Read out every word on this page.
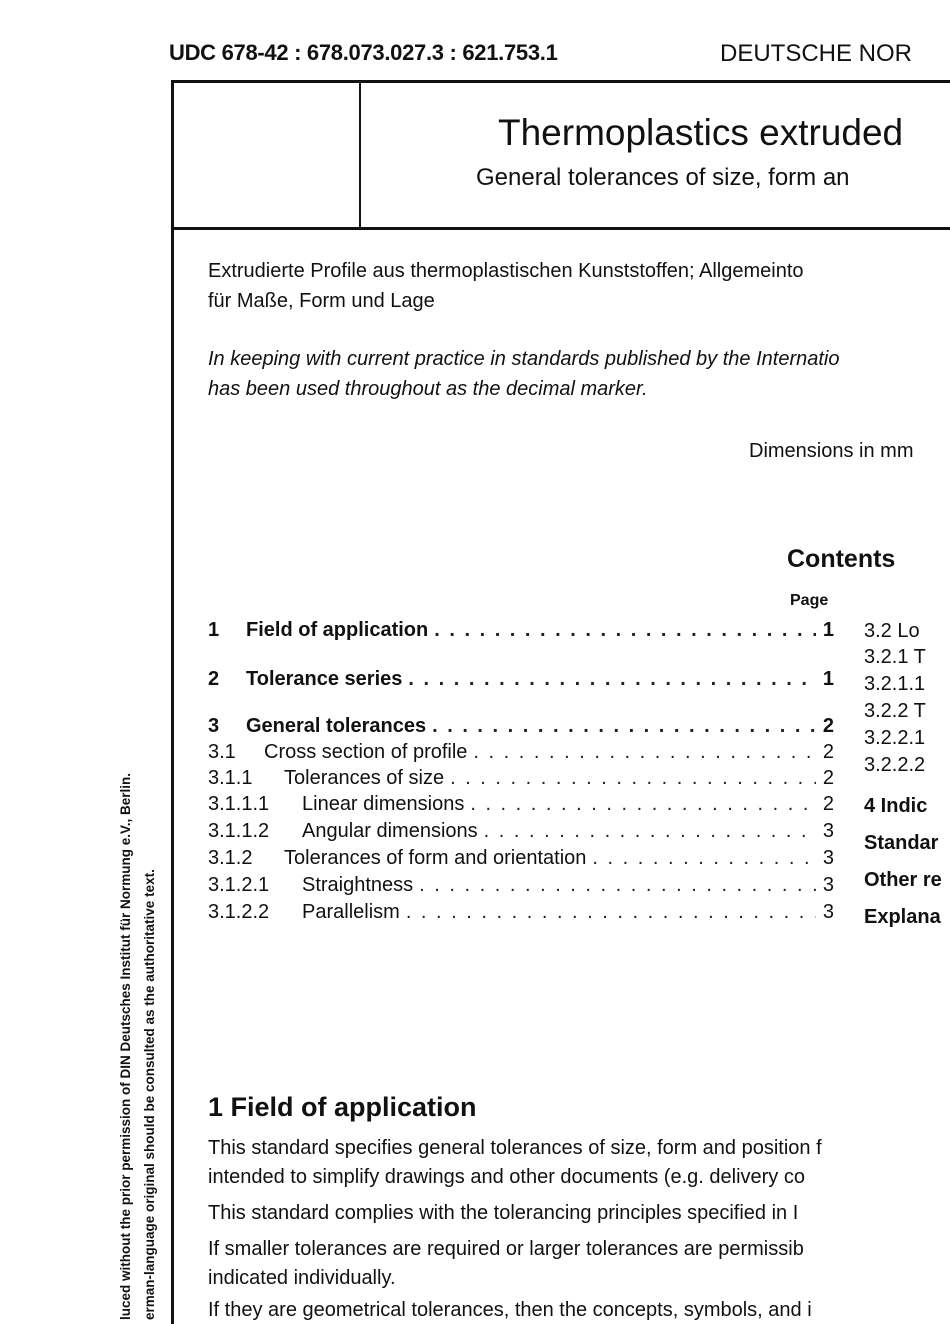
UDC 678-42 : 678.073.027.3 : 621.753.1	DEUTSCHE NOR
Thermoplastics extruded
General tolerances of size, form an
Extrudierte Profile aus thermoplastischen Kunststoffen; Allgemeinto
für Maße, Form und Lage
In keeping with current practice in standards published by the Internatio
has been used throughout as the decimal marker.
Dimensions in mm
Contents
Page
1	Field of application . . .	1
2	Tolerance series . . .	1
3	General tolerances . . .	2
3.1	Cross section of profile . . .	2
3.1.1	Tolerances of size . . .	2
3.1.1.1	Linear dimensions . . .	2
3.1.1.2	Angular dimensions . . .	3
3.1.2	Tolerances of form and orientation . . .	3
3.1.2.1	Straightness . . .	3
3.1.2.2	Parallelism . . .	3
3.2 Lo
3.2.1 T
3.2.1.1
3.2.2 T
3.2.2.1
3.2.2.2
4 Indic
Standar
Other re
Explana
1 Field of application
This standard specifies general tolerances of size, form and position f
intended to simplify drawings and other documents (e.g. delivery co
This standard complies with the tolerancing principles specified in I
If smaller tolerances are required or larger tolerances are permissib
indicated individually.
If they are geometrical tolerances, then the concepts, symbols, and i
luced without the prior permission of DIN Deutsches Institut für Normung e.V., Berlin. erman-language original should be consulted as the authoritative text.
